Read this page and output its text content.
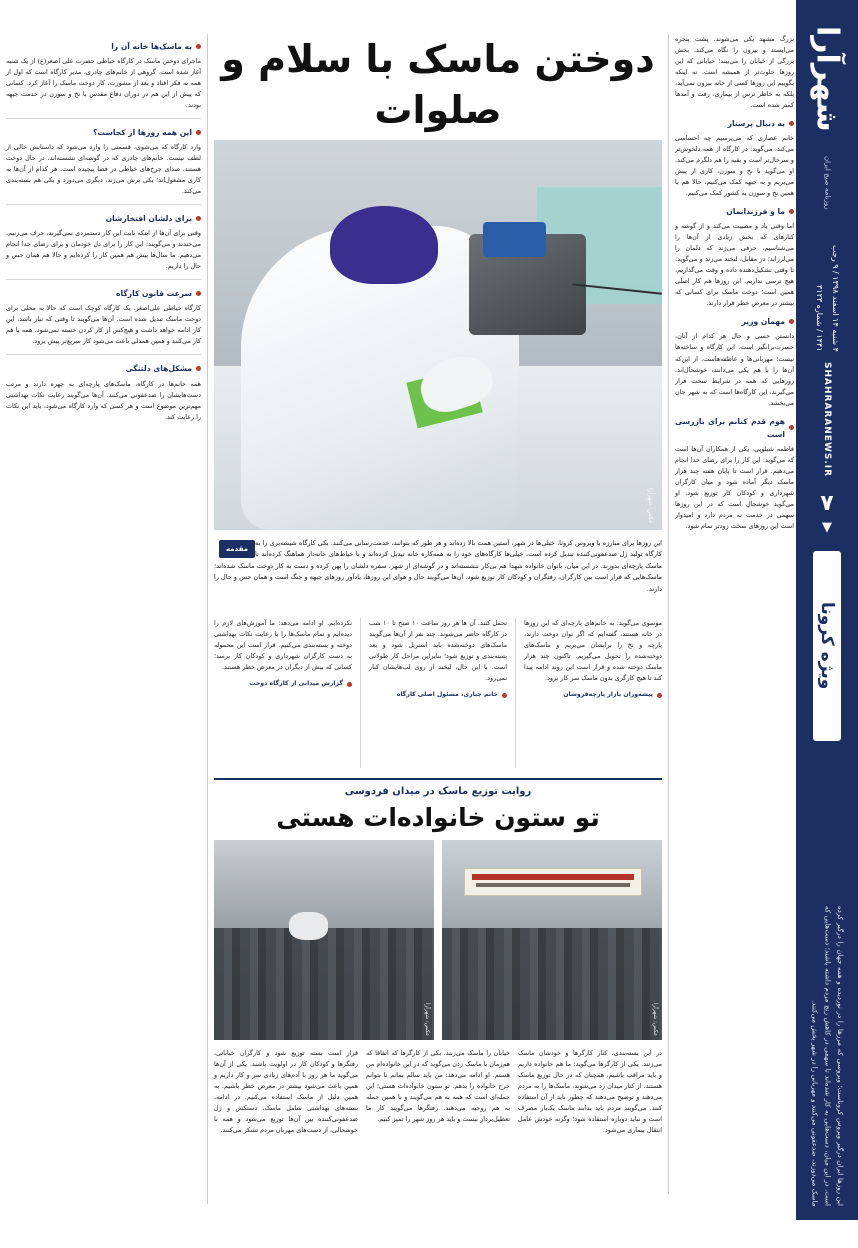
شهرآرا
روزنامه صبح ایران
۴ شنبه ۱۴ اسفند ۱۳۹۸ / ۹ رجب ۱۴۴۱ / شماره ۳۱۲۳
SHAHRARANEWS.IR
۷
▼
ویژه کرونا
این روزها ایران درگیر ویروس کروناست؛ ویروسی که مرزها را در نوردیده و همه جهان را درگیر کرده است. در این میان، دست‌هایی به کار شده‌اند تا سهمی در کاهش رنج مردم داشته باشند؛ دست‌هایی که ماسک می‌دوزند، ضدعفونی می‌کنند و مهربانی را در شهر پخش می‌کنند.

بزرگ مشهد یکی می‌شوند. پشت پنجره می‌ایستد و بیرون را نگاه می‌کند. بخش بزرگی از خیابان را می‌بیند؛ خیابانی که این روزها خلوت‌تر از همیشه است. نه اینکه بگوییم این روزها کسی از خانه بیرون نمی‌آید، بلکه به خاطر ترس از بیماری، رفت و آمدها کمتر شده است.

به دنبال پرستار

خانم عصاری که می‌پرسیم چه احساسی می‌کند، می‌گوید: در کارگاه از همه دلخوش‌تر و سرحال‌تر است و بقیه را هم دلگرم می‌کند. او می‌گوید با نخ و سوزن، کاری از پیش می‌بریم و به جبهه کمک می‌کنیم، حالا هم با همین نخ و سوزن به کشور کمک می‌کنیم.

ما و فرزندانمان

اما وقتی یاد و مصیبت می‌کند و از گوشه و کنارهای که بخش زیادی از آن‌ها را می‌شناسیم، حرفی می‌زند که دلمان را می‌لرزاند؛ در مقابل، لبخند می‌زند و می‌گوید: تا وقتی تشکیل‌دهنده داده و وقت می‌گذاریم، هیچ ترسی نداریم. این روزها هم کار اصلی همین است؛ دوخت ماسک برای کسانی که بیشتر در معرض خطر قرار دارند.

مهمان وزیر

دانستن حسی و حال هر کدام از آنان، حسرت‌برانگیز است. این کارگاه و ساخته‌ها نیست؛ مهربانی‌ها و عاطفه‌هاست. از این‌که آن‌ها را با هم یکی می‌دانند، خوشحال‌اند. روزهایی که همه در شرایط سخت قرار می‌گیرند، این کارگاه‌ها است که به شهر جان می‌بخشد.

هوم قدم کنانم برای بازرسی است

فاطمه شیلویی، یکی از همکاران آن‌ها است که می‌گوید: این کار را برای رضای خدا انجام می‌دهیم. قرار است تا پایان هفته چند هزار ماسک دیگر آماده شود و میان کارگران شهرداری و کودکان کار توزیع شود. او می‌گوید خوشحال است که در این روزها سهمی در خدمت به مردم دارد و امیدوار است این روزهای سخت زودتر تمام شود.

دوختن ماسک با سلام و صلوات
عکس: شهرآرا
مقدمه
این روزها برای مبارزه با ویروس کرونا، خیلی‌ها در شهر، آستین همت بالا زده‌اند و هر طور که بتوانند، خدمت‌رسانی می‌کنند. یکی کارگاه شیشه‌بری را به کارگاه تولید ژل ضدعفونی‌کننده تبدیل کرده است، خیلی‌ها کارگاه‌های خود را به همه‌کاره خانه تبدیل کرده‌اند و با خیاط‌های خانه‌دار هماهنگ کرده‌اند تا ماسک پارچه‌ای بدوزند. در این میان، بانوان خانواده شهدا هم بی‌کار ننشسته‌اند و در گوشه‌ای از شهر، سفره دلشان را پهن کرده و دست به کار دوخت ماسک شده‌اند؛ ماسک‌هایی که قرار است بین کارگران، رفتگران و کودکان کار توزیع شود. آن‌ها می‌گویند حال و هوای این روزها، یادآور روزهای جبهه و جنگ است و همان حس و حال را دارند.

موسوی می‌گوید: به خانم‌های پارچه‌ای که این روزها در خانه هستند، گفته‌ایم که اگر توان دوخت دارند، پارچه و نخ را برایشان می‌بریم و ماسک‌های دوخته‌شده را تحویل می‌گیریم. تاکنون چند هزار ماسک دوخته شده و قرار است این روند ادامه پیدا کند تا هیچ کارگری بدون ماسک سر کار نرود.

پیشه‌وران بازار پارچه‌فروشان

تحمل کنند. آن ها هر روز ساعت ۱۰ صبح تا ۱۰ شب در کارگاه حاضر می‌شوند. چند نفر از آن‌ها می‌گویند ماسک‌های دوخته‌شده باید استریل شود و بعد بسته‌بندی و توزیع شود؛ بنابراین مراحل کار طولانی است. با این حال، لبخند از روی لب‌هایشان کنار نمی‌رود.

خانم جباری، مسئول اصلی کارگاه

نکرده‌ایم. او ادامه می‌دهد: ما آموزش‌های لازم را دیده‌ایم و تمام ماسک‌ها را با رعایت نکات بهداشتی دوخته و بسته‌بندی می‌کنیم. قرار است این محموله به دست کارگران شهرداری و کودکان کار برسد؛ کسانی که بیش از دیگران در معرض خطر هستند.

گزارش میدانی از کارگاه دوخت
روایت توزیع ماسک در میدان فردوسی
تو ستون خانواده‌ات هستی
عکس: شهرآرا
عکس: شهرآرا

در این بسته‌بندی، کنار کارگرها و خودشان ماسک می‌زنند. یکی از کارگرها می‌گوید: ما هم خانواده داریم و باید مراقب باشیم. همچنان که در حال توزیع ماسک هستند، از کنار میدان رد می‌شوند. ماسک‌ها را به مردم می‌دهند و توضیح می‌دهند که چطور باید از آن استفاده کنند. می‌گویند مردم باید بدانند ماسک یک‌بار مصرف است و نباید دوباره استفاده شود؛ وگرنه خودش عامل انتقال بیماری می‌شود.

خیابان را ماسک می‌زنند. یکی از کارگرها که اتفاقا که هم‌زمان با ماسک زدن می‌گوید که در این خانواده‌ام من هستم. او ادامه می‌دهد: من باید سالم بمانم تا بتوانم خرج خانواده را بدهم. تو ستون خانواده‌ات هستی؛ این جمله‌ای است که همه به هم می‌گویند و با همین جمله به هم روحیه می‌دهند. رفتگرها می‌گویند کار ما تعطیل‌بردار نیست و باید هر روز شهر را تمیز کنیم.

قرار است بسته توزیع شود و کارگران خیابانی، رفتگرها و کودکان کار در اولویت باشند. یکی از آن‌ها می‌گوید ما هر روز با آدم‌های زیادی سر و کار داریم و همین باعث می‌شود بیشتر در معرض خطر باشیم. به همین دلیل از ماسک استفاده می‌کنیم. در ادامه، بسته‌های بهداشتی شامل ماسک، دستکش و ژل ضدعفونی‌کننده بین آن‌ها توزیع می‌شود و همه با خوشحالی، از دست‌های مهربان مردم تشکر می‌کنند.

به ماسک‌ها خانه آن را

ماجرای دوختن ماسک در کارگاه خیاطی حضرت علی اصغر(ع) از یک شنبه آغاز شده است. گروهی از خانم‌های چادری، مدیر کارگاه است که اول از همه به فکر افتاد و بعد از مشورت، کار دوخت ماسک را آغاز کرد. کسانی که پیش از این هم در دوران دفاع مقدس با نخ و سوزن در خدمت جبهه بودند.

این همه روزها از کجاست؟

وارد کارگاه که می‌شوی، قسمتی را وارد می‌شود که داستانش خالی از لطف نیست. خانم‌های چادری که در گوشه‌ای نشسته‌اند، در حال دوخت هستند. صدای چرخ‌های خیاطی در فضا پیچیده است. هر کدام از آن‌ها به کاری مشغول‌اند؛ یکی برش می‌زند، دیگری می‌دوزد و یکی هم بسته‌بندی می‌کند.

برای دلشان افتخارشان

وقتی برای آن‌ها از اینکه بابت این کار دستمزدی نمی‌گیرند، حرف می‌زنیم، می‌خندند و می‌گویند: این کار را برای دل خودمان و برای رضای خدا انجام می‌دهیم. ما سال‌ها پیش هم همین کار را کرده‌ایم و حالا هم همان حس و حال را داریم.

سرعت قانون کارگاه

کارگاه خیاطی علی‌اصغر، یک کارگاه کوچک است که حالا به محلی برای دوخت ماسک تبدیل شده است. آن‌ها می‌گویند تا وقتی که نیاز باشد، این کار ادامه خواهد داشت و هیچ‌کس از کار کردن خسته نمی‌شود. همه با هم کار می‌کنند و همین همدلی باعث می‌شود کار سریع‌تر پیش برود.

مشکل‌های دلتنگی

همه خانم‌ها در کارگاه، ماسک‌های پارچه‌ای به چهره دارند و مرتب دست‌هایشان را ضدعفونی می‌کنند. آن‌ها می‌گویند رعایت نکات بهداشتی مهم‌ترین موضوع است و هر کسی که وارد کارگاه می‌شود، باید این نکات را رعایت کند.
